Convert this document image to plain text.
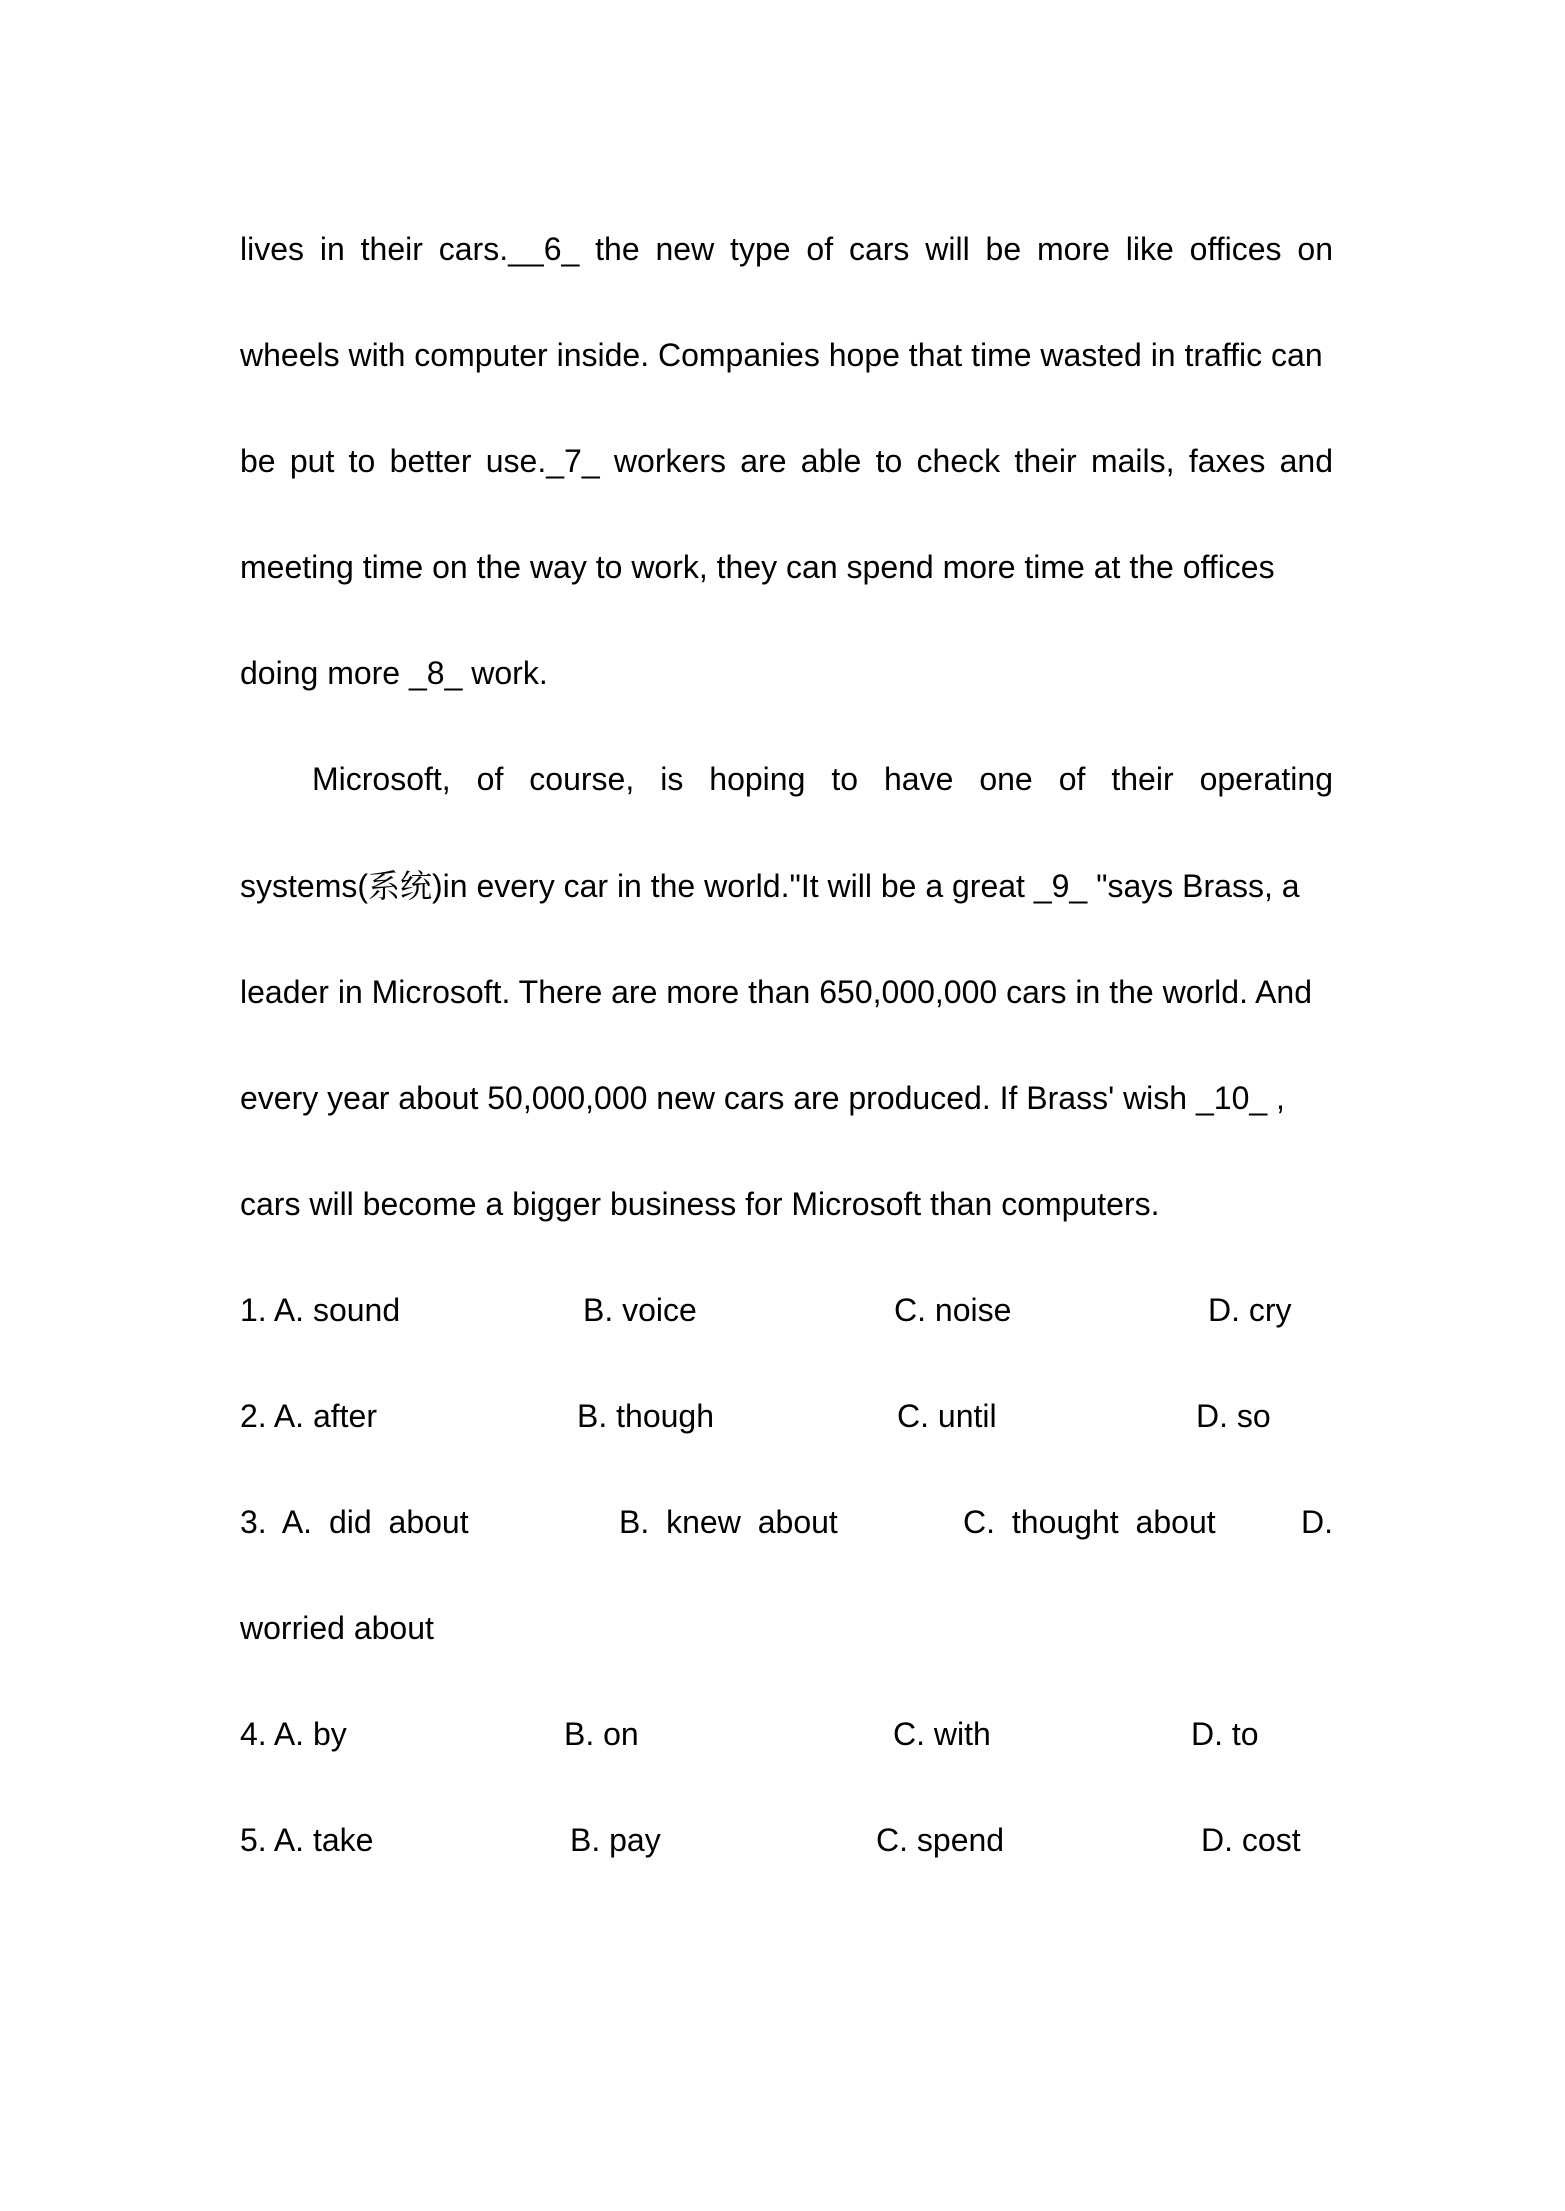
lives in their cars.__6_ the new type of cars will be more like offices on
wheels with computer inside. Companies hope that time wasted in traffic can
be put to better use._7_ workers are able to check their mails, faxes and
meeting time on the way to work, they can spend more time at the offices
doing more _8_ work.
Microsoft, of course, is hoping to have one of their operating
systems(系统)in every car in the world."It will be a great _9_ "says Brass, a
leader in Microsoft. There are more than 650,000,000 cars in the world. And
every year about 50,000,000 new cars are produced. If Brass' wish _10_ ,
cars will become a bigger business for Microsoft than computers.
1. A. sound	B. voice	C. noise	D. cry
2. A. after	B. though	C. until	D. so
3. A. did about	B. knew about	C. thought about	D.
worried about
4. A. by	B. on	C. with	D. to
5. A. take	B. pay	C. spend	D. cost
